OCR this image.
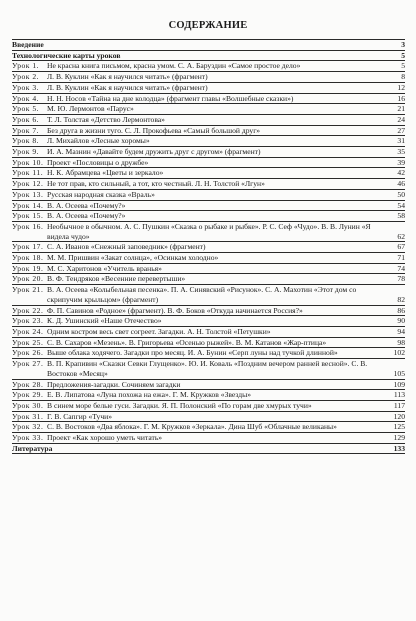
СОДЕРЖАНИЕ
Введение	3
Технологические карты уроков	5
Урок 1.	Не красна книга письмом, красна умом. С. А. Баруздин «Самое простое дело»	5
Урок 2.	Л. В. Куклин «Как я научился читать» (фрагмент)	8
Урок 3.	Л. В. Куклин «Как я научился читать» (фрагмент)	12
Урок 4.	Н. Н. Носов «Тайна на дне колодца» (фрагмент главы «Волшебные сказки»)	16
Урок 5.	М. Ю. Лермонтов «Парус»	21
Урок 6.	Т. Л. Толстая «Детство Лермонтова»	24
Урок 7.	Без друга в жизни туго. С. Л. Прокофьева «Самый большой друг»	27
Урок 8.	Л. Михайлов «Лесные хоромы»	31
Урок 9.	И. А. Мазнин «Давайте будем дружить друг с другом» (фрагмент)	35
Урок 10. Проект «Пословицы о дружбе»	39
Урок 11. Н. К. Абрамцева «Цветы и зеркало»	42
Урок 12. Не тот прав, кто сильный, а тот, кто честный. Л. Н. Толстой «Лгун»	46
Урок 13. Русская народная сказка «Враль»	50
Урок 14. В. А. Осеева «Почему?»	54
Урок 15. В. А. Осеева «Почему?»	58
Урок 16. Необычное в обычном. А. С. Пушкин «Сказка о рыбаке и рыбке». Р. С. Сеф «Чудо». В. В. Лунин «Я видела чудо»	62
Урок 17. С. А. Иванов «Снежный заповедник» (фрагмент)	67
Урок 18. М. М. Пришвин «Закат солнца», «Осинкам холодно»	71
Урок 19. М. С. Харитонов «Учитель вранья»	74
Урок 20. В. Ф. Тендряков «Весенние перевертыши»	78
Урок 21. В. А. Осеева «Колыбельная песенка». П. А. Синявский «Рисунок». С. А. Махотин «Этот дом со скрипучим крыльцом» (фрагмент)	82
Урок 22. Ф. П. Савинов «Родное» (фрагмент). В. Ф. Боков «Откуда начинается Россия?»	86
Урок 23. К. Д. Ушинский «Наше Отечество»	90
Урок 24. Одним костром весь свет согреет. Загадки. А. Н. Толстой «Петушки»	94
Урок 25. С. В. Сахаров «Мезень». В. Григорьева «Осенью рыжей». В. М. Катанов «Жар-птица»	98
Урок 26. Выше облака ходячего. Загадки про месяц. И. А. Бунин «Серп луны над тучкой длинной»	102
Урок 27. В. П. Крапивин «Сказки Севки Глущенко». Ю. И. Коваль «Поздним вечером ранней весной». С. В. Востоков «Месяц»	105
Урок 28. Предложения-загадки. Сочиняем загадки	109
Урок 29. Е. В. Липатова «Луна похожа на ежа». Г. М. Кружков «Звезды»	113
Урок 30. В синем море белые гуси. Загадки. Я. П. Полонский «По горам две хмурых тучи»	117
Урок 31. Г. В. Сапгир «Тучи»	120
Урок 32. С. В. Востоков «Два яблока». Г. М. Кружков «Зеркала». Дина Шуб «Облачные великаны»	125
Урок 33. Проект «Как хорошо уметь читать»	129
Литература	133
